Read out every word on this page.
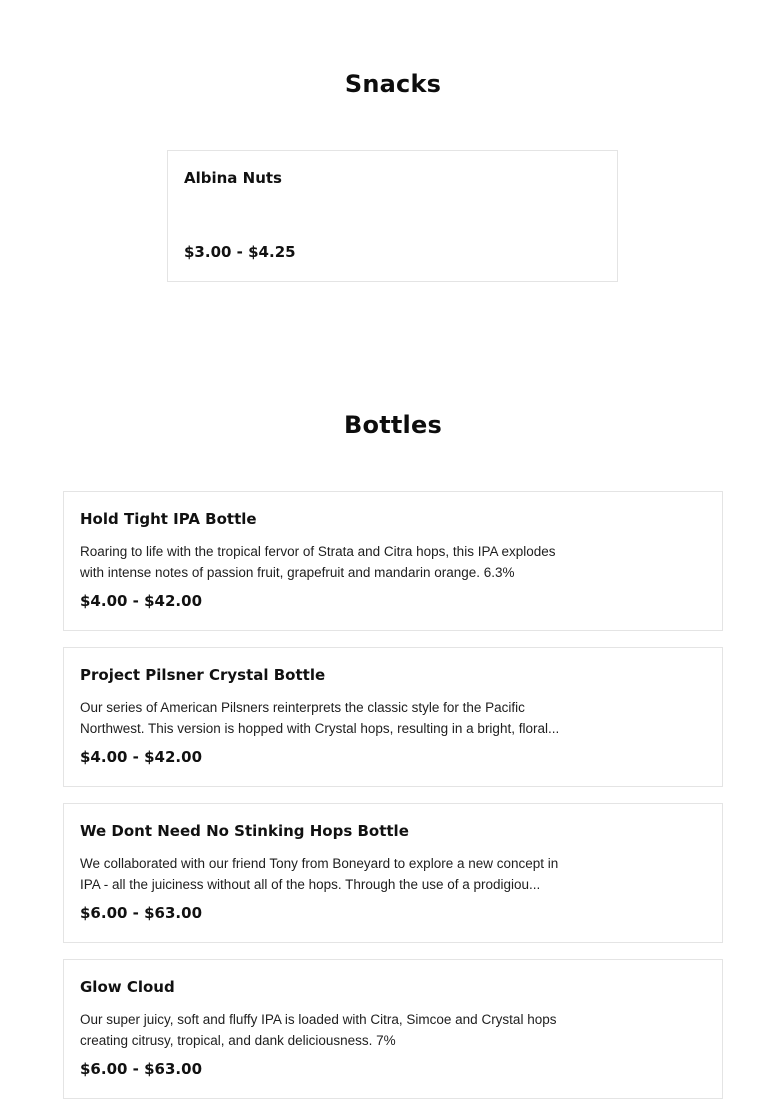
Snacks
Albina Nuts
$3.00 - $4.25
Bottles
Hold Tight IPA Bottle
Roaring to life with the tropical fervor of Strata and Citra hops, this IPA explodes with intense notes of passion fruit, grapefruit and mandarin orange. 6.3%
$4.00 - $42.00
Project Pilsner Crystal Bottle
Our series of American Pilsners reinterprets the classic style for the Pacific Northwest. This version is hopped with Crystal hops, resulting in a bright, floral...
$4.00 - $42.00
We Dont Need No Stinking Hops Bottle
We collaborated with our friend Tony from Boneyard to explore a new concept in IPA - all the juiciness without all of the hops. Through the use of a prodigiou...
$6.00 - $63.00
Glow Cloud
Our super juicy, soft and fluffy IPA is loaded with Citra, Simcoe and Crystal hops creating citrusy, tropical, and dank deliciousness. 7%
$6.00 - $63.00
